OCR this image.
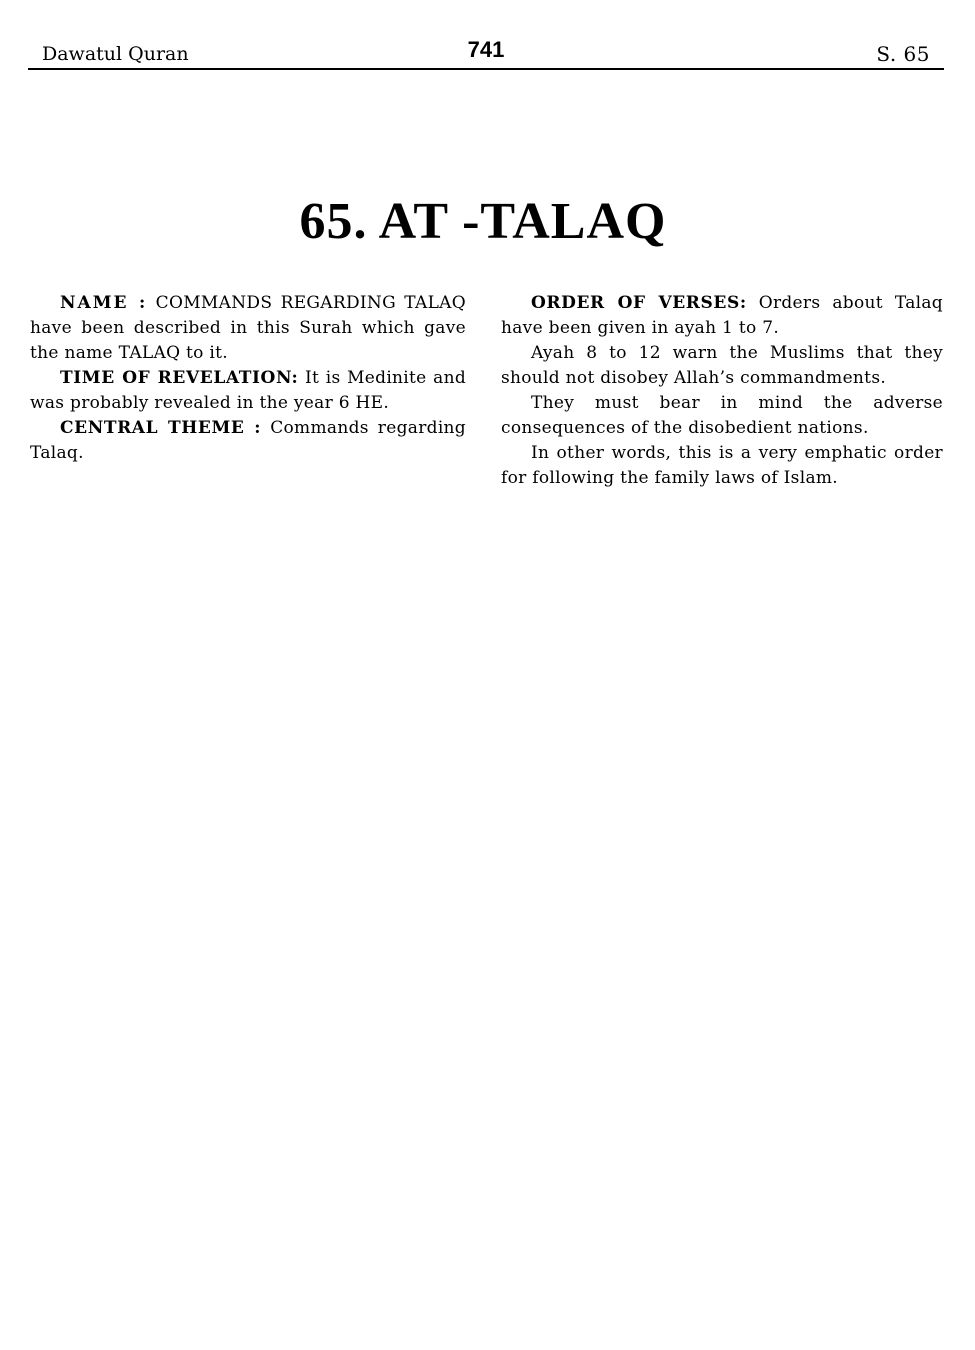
Dawatul Quran	741	S. 65
65. AT -TALAQ

NAME : COMMANDS REGARDING TALAQ have been described in this Surah which gave the name TALAQ to it.

TIME OF REVELATION: It is Medinite and was probably revealed in the year 6 HE.

CENTRAL THEME : Commands regarding Talaq.

ORDER OF VERSES: Orders about Talaq have been given in ayah 1 to 7.

Ayah 8 to 12 warn the Muslims that they should not disobey Allah’s commandments.

They must bear in mind the adverse consequences of the disobedient nations.

In other words, this is a very emphatic order for following the family laws of Islam.
